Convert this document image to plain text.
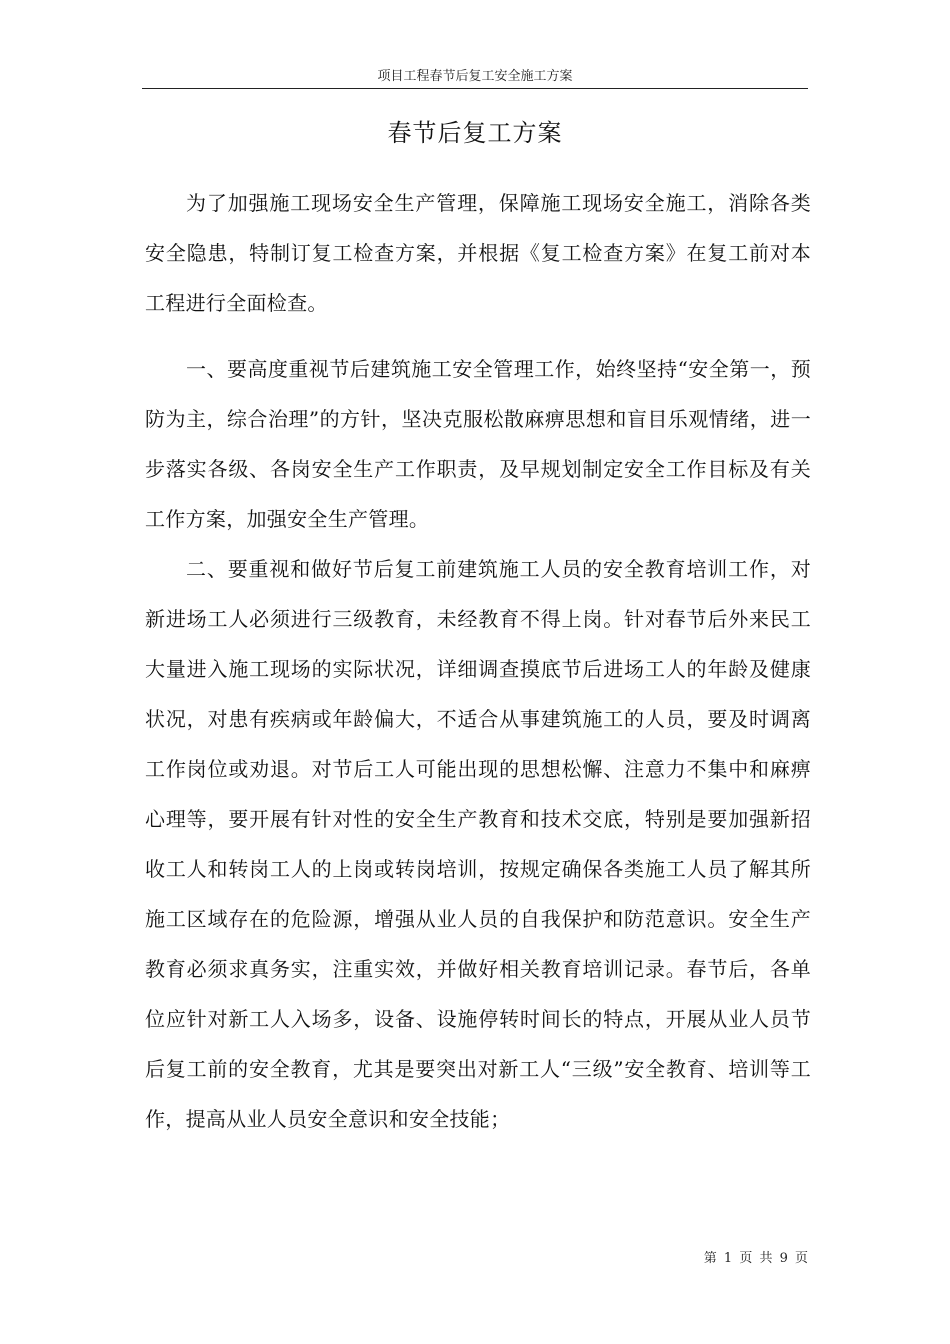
项目工程春节后复工安全施工方案
春节后复工方案

为了加强施工现场安全生产管理，保障施工现场安全施工，消除各类安全隐患，特制订复工检查方案，并根据《复工检查方案》在复工前对本工程进行全面检查。

一、要高度重视节后建筑施工安全管理工作，始终坚持“安全第一，预防为主，综合治理”的方针，坚决克服松散麻痹思想和盲目乐观情绪，进一步落实各级、各岗安全生产工作职责，及早规划制定安全工作目标及有关工作方案，加强安全生产管理。

二、要重视和做好节后复工前建筑施工人员的安全教育培训工作，对新进场工人必须进行三级教育，未经教育不得上岗。针对春节后外来民工大量进入施工现场的实际状况，详细调查摸底节后进场工人的年龄及健康状况，对患有疾病或年龄偏大，不适合从事建筑施工的人员，要及时调离工作岗位或劝退。对节后工人可能出现的思想松懈、注意力不集中和麻痹心理等，要开展有针对性的安全生产教育和技术交底，特别是要加强新招收工人和转岗工人的上岗或转岗培训，按规定确保各类施工人员了解其所施工区域存在的危险源，增强从业人员的自我保护和防范意识。安全生产教育必须求真务实，注重实效，并做好相关教育培训记录。春节后，各单位应针对新工人入场多，设备、设施停转时间长的特点，开展从业人员节后复工前的安全教育，尤其是要突出对新工人“三级”安全教育、培训等工作，提高从业人员安全意识和安全技能；

第 1 页 共 9 页
